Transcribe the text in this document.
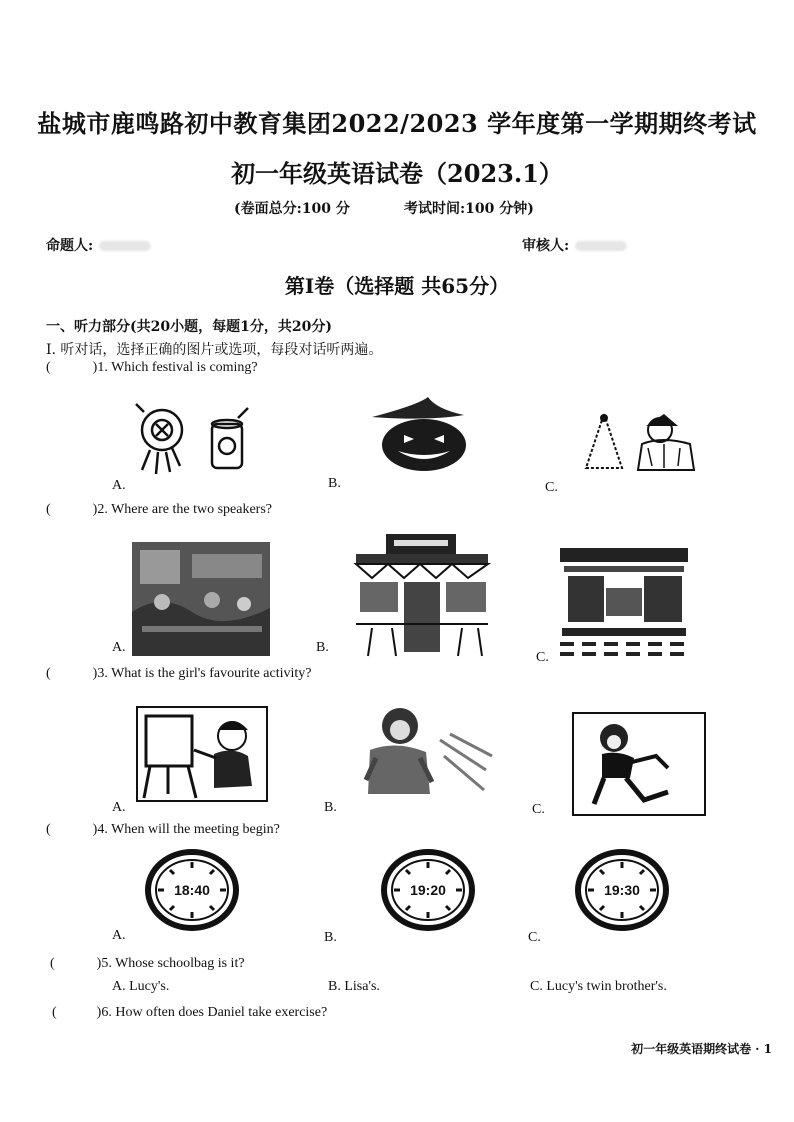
盐城市鹿鸣路初中教育集团2022/2023 学年度第一学期期终考试
初一年级英语试卷（2023.1）
(卷面总分:100 分	考试时间:100 分钟)
命题人:	审核人:
第Ⅰ卷（选择题 共65分）
一、听力部分(共20小题，每题1分，共20分)
I. 听对话，选择正确的图片或选项，每段对话听两遍。
(	)1. Which festival is coming?
A.	B.	C.
(	)2. Where are the two speakers?
A.	B.
C.
(	)3. What is the girl's favourite activity?
A.	B.	C.
(	)4. When will the meeting begin?
18:40	19:20	19:30
A.	B.	C.
(	)5. Whose schoolbag is it?
A. Lucy's.	B. Lisa's.	C. Lucy's twin brother's.
(	)6. How often does Daniel take exercise?
初一年级英语期终试卷 · 1
